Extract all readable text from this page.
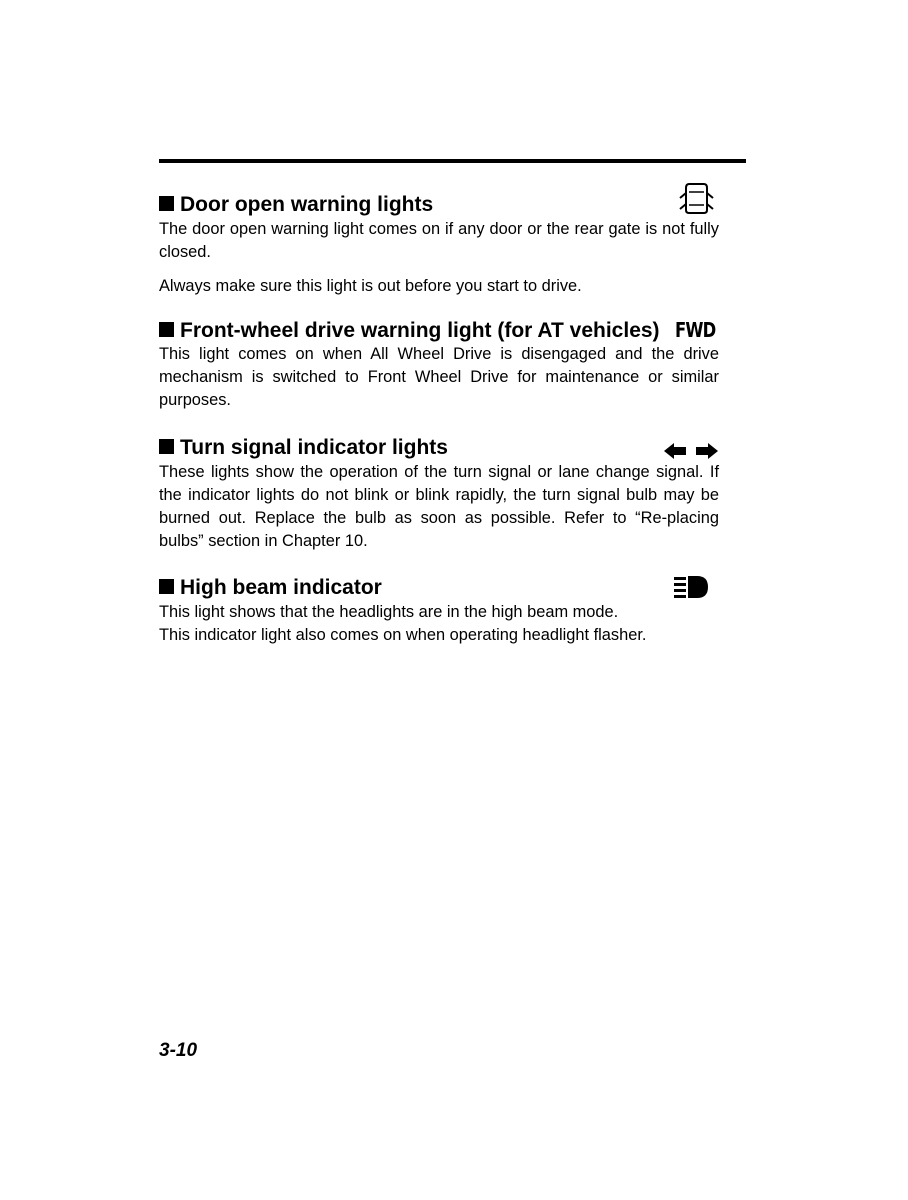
Door open warning lights

The door open warning light comes on if any door or the rear gate is not fully closed.

Always make sure this light is out before you start to drive.

Front-wheel drive warning light (for AT vehicles) FWD

This light comes on when All Wheel Drive is disengaged and the drive mechanism is switched to Front Wheel Drive for maintenance or similar purposes.

Turn signal indicator lights

These lights show the operation of the turn signal or lane change signal. If the indicator lights do not blink or blink rapidly, the turn signal bulb may be burned out. Replace the bulb as soon as possible. Refer to “Re-placing bulbs” section in Chapter 10.

High beam indicator

This light shows that the headlights are in the high beam mode.

This indicator light also comes on when operating headlight flasher.

3-10
